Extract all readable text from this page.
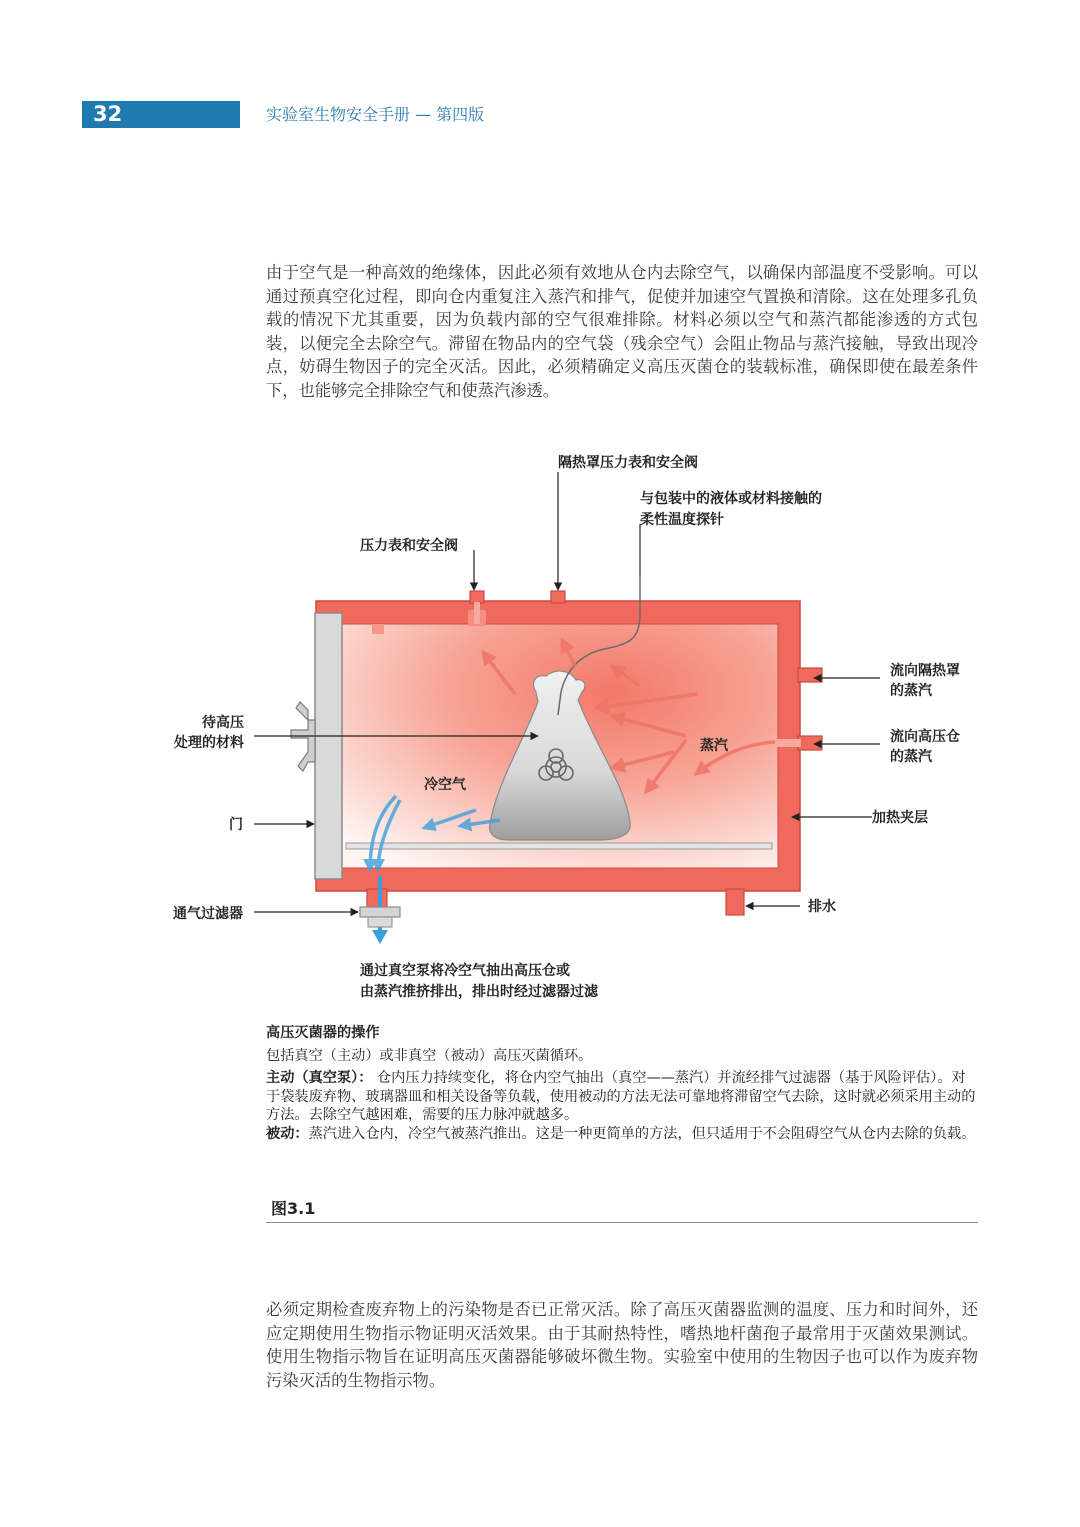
32	实验室生物安全手册 — 第四版

由于空气是一种高效的绝缘体，因此必须有效地从仓内去除空气，以确保内部温度不受影响。可以通过预真空化过程，即向仓内重复注入蒸汽和排气，促使并加速空气置换和清除。这在处理多孔负载的情况下尤其重要，因为负载内部的空气很难排除。材料必须以空气和蒸汽都能渗透的方式包装，以便完全去除空气。滞留在物品内的空气袋（残余空气）会阻止物品与蒸汽接触，导致出现冷点，妨碍生物因子的完全灭活。因此，必须精确定义高压灭菌仓的装载标准，确保即使在最差条件下，也能够完全排除空气和使蒸汽渗透。

隔热罩压力表和安全阀
与包装中的液体或材料接触的
柔性温度探针
压力表和安全阀
流向隔热罩
的蒸汽
待高压
处理的材料	流向高压仓
的蒸汽
蒸汽
冷空气
门	加热夹层
通气过滤器	排水
通过真空泵将冷空气抽出高压仓或
由蒸汽推挤排出，排出时经过滤器过滤

高压灭菌器的操作

包括真空（主动）或非真空（被动）高压灭菌循环。

主动（真空泵）： 仓内压力持续变化，将仓内空气抽出（真空——蒸汽）并流经排气过滤器（基于风险评估）。对于袋装废弃物、玻璃器皿和相关设备等负载，使用被动的方法无法可靠地将滞留空气去除，这时就必须采用主动的方法。去除空气越困难，需要的压力脉冲就越多。

被动：蒸汽进入仓内，冷空气被蒸汽推出。这是一种更简单的方法，但只适用于不会阻碍空气从仓内去除的负载。

图3.1

必须定期检查废弃物上的污染物是否已正常灭活。除了高压灭菌器监测的温度、压力和时间外，还应定期使用生物指示物证明灭活效果。由于其耐热特性，嗜热地杆菌孢子最常用于灭菌效果测试。使用生物指示物旨在证明高压灭菌器能够破坏微生物。实验室中使用的生物因子也可以作为废弃物污染灭活的生物指示物。
